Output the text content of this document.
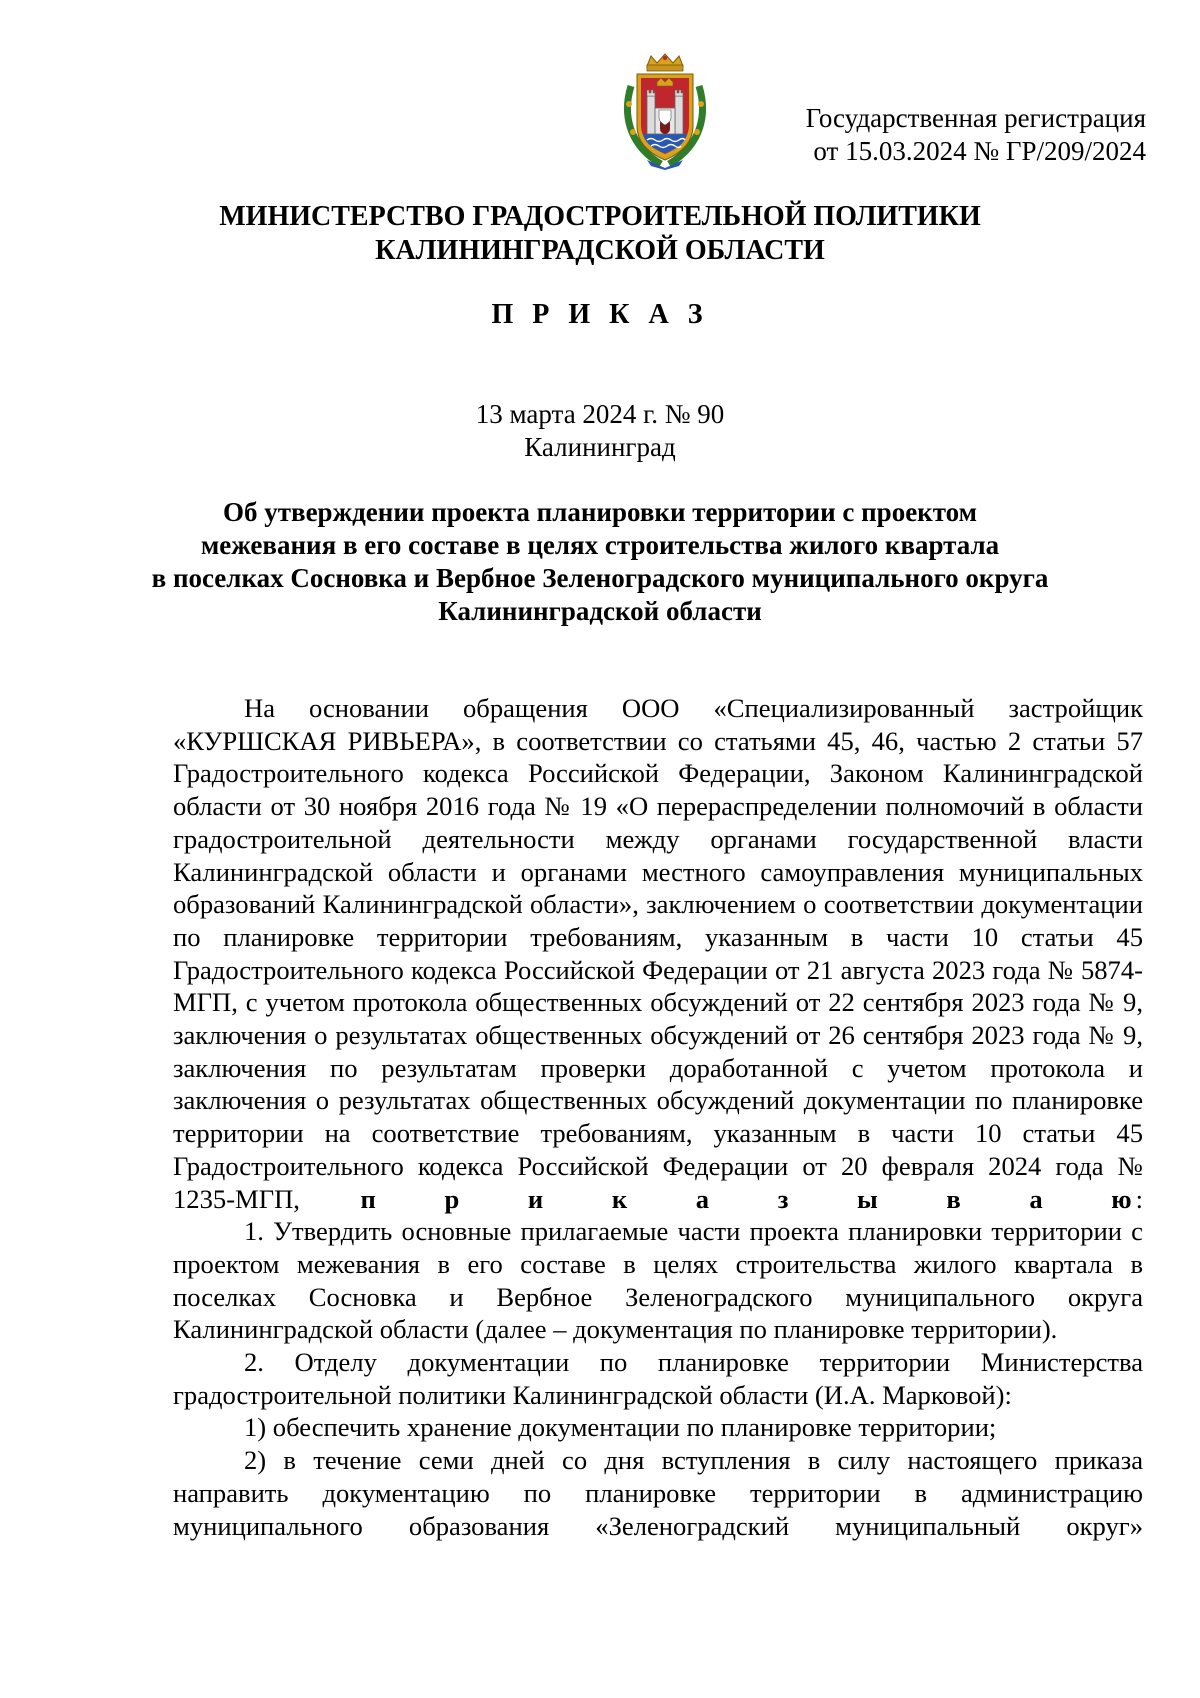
Государственная регистрация
от 15.03.2024 № ГР/209/2024
МИНИСТЕРСТВО ГРАДОСТРОИТЕЛЬНОЙ ПОЛИТИКИ
КАЛИНИНГРАДСКОЙ ОБЛАСТИ
П Р И К А З
13 марта 2024 г. № 90
Калининград
Об утверждении проекта планировки территории с проектом
межевания в его составе в целях строительства жилого квартала
в поселках Сосновка и Вербное Зеленоградского муниципального округа
Калининградской области

На основании обращения ООО «Специализированный застройщик «КУРШСКАЯ РИВЬЕРА», в соответствии со статьями 45, 46, частью 2 статьи 57 Градостроительного кодекса Российской Федерации, Законом Калининградской области от 30 ноября 2016 года № 19 «О перераспределении полномочий в области градостроительной деятельности между органами государственной власти Калининградской области и органами местного самоуправления муниципальных образований Калининградской области», заключением о соответствии документации по планировке территории требованиям, указанным в части 10 статьи 45 Градостроительного кодекса Российской Федерации от 21 августа 2023 года № 5874-МГП, с учетом протокола общественных обсуждений от 22 сентября 2023 года № 9, заключения о результатах общественных обсуждений от 26 сентября 2023 года № 9, заключения по результатам проверки доработанной с учетом протокола и заключения о результатах общественных обсуждений документации по планировке территории на соответствие требованиям, указанным в части 10 статьи 45 Градостроительного кодекса Российской Федерации от 20 февраля 2024 года № 1235-МГП, п р и к а з ы в а ю:

1. Утвердить основные прилагаемые части проекта планировки территории с проектом межевания в его составе в целях строительства жилого квартала в поселках Сосновка и Вербное Зеленоградского муниципального округа Калининградской области (далее – документация по планировке территории).

2. Отделу документации по планировке территории Министерства градостроительной политики Калининградской области (И.А. Марковой):

1) обеспечить хранение документации по планировке территории;

2) в течение семи дней со дня вступления в силу настоящего приказа направить документацию по планировке территории в администрацию муниципального образования «Зеленоградский муниципальный округ»
